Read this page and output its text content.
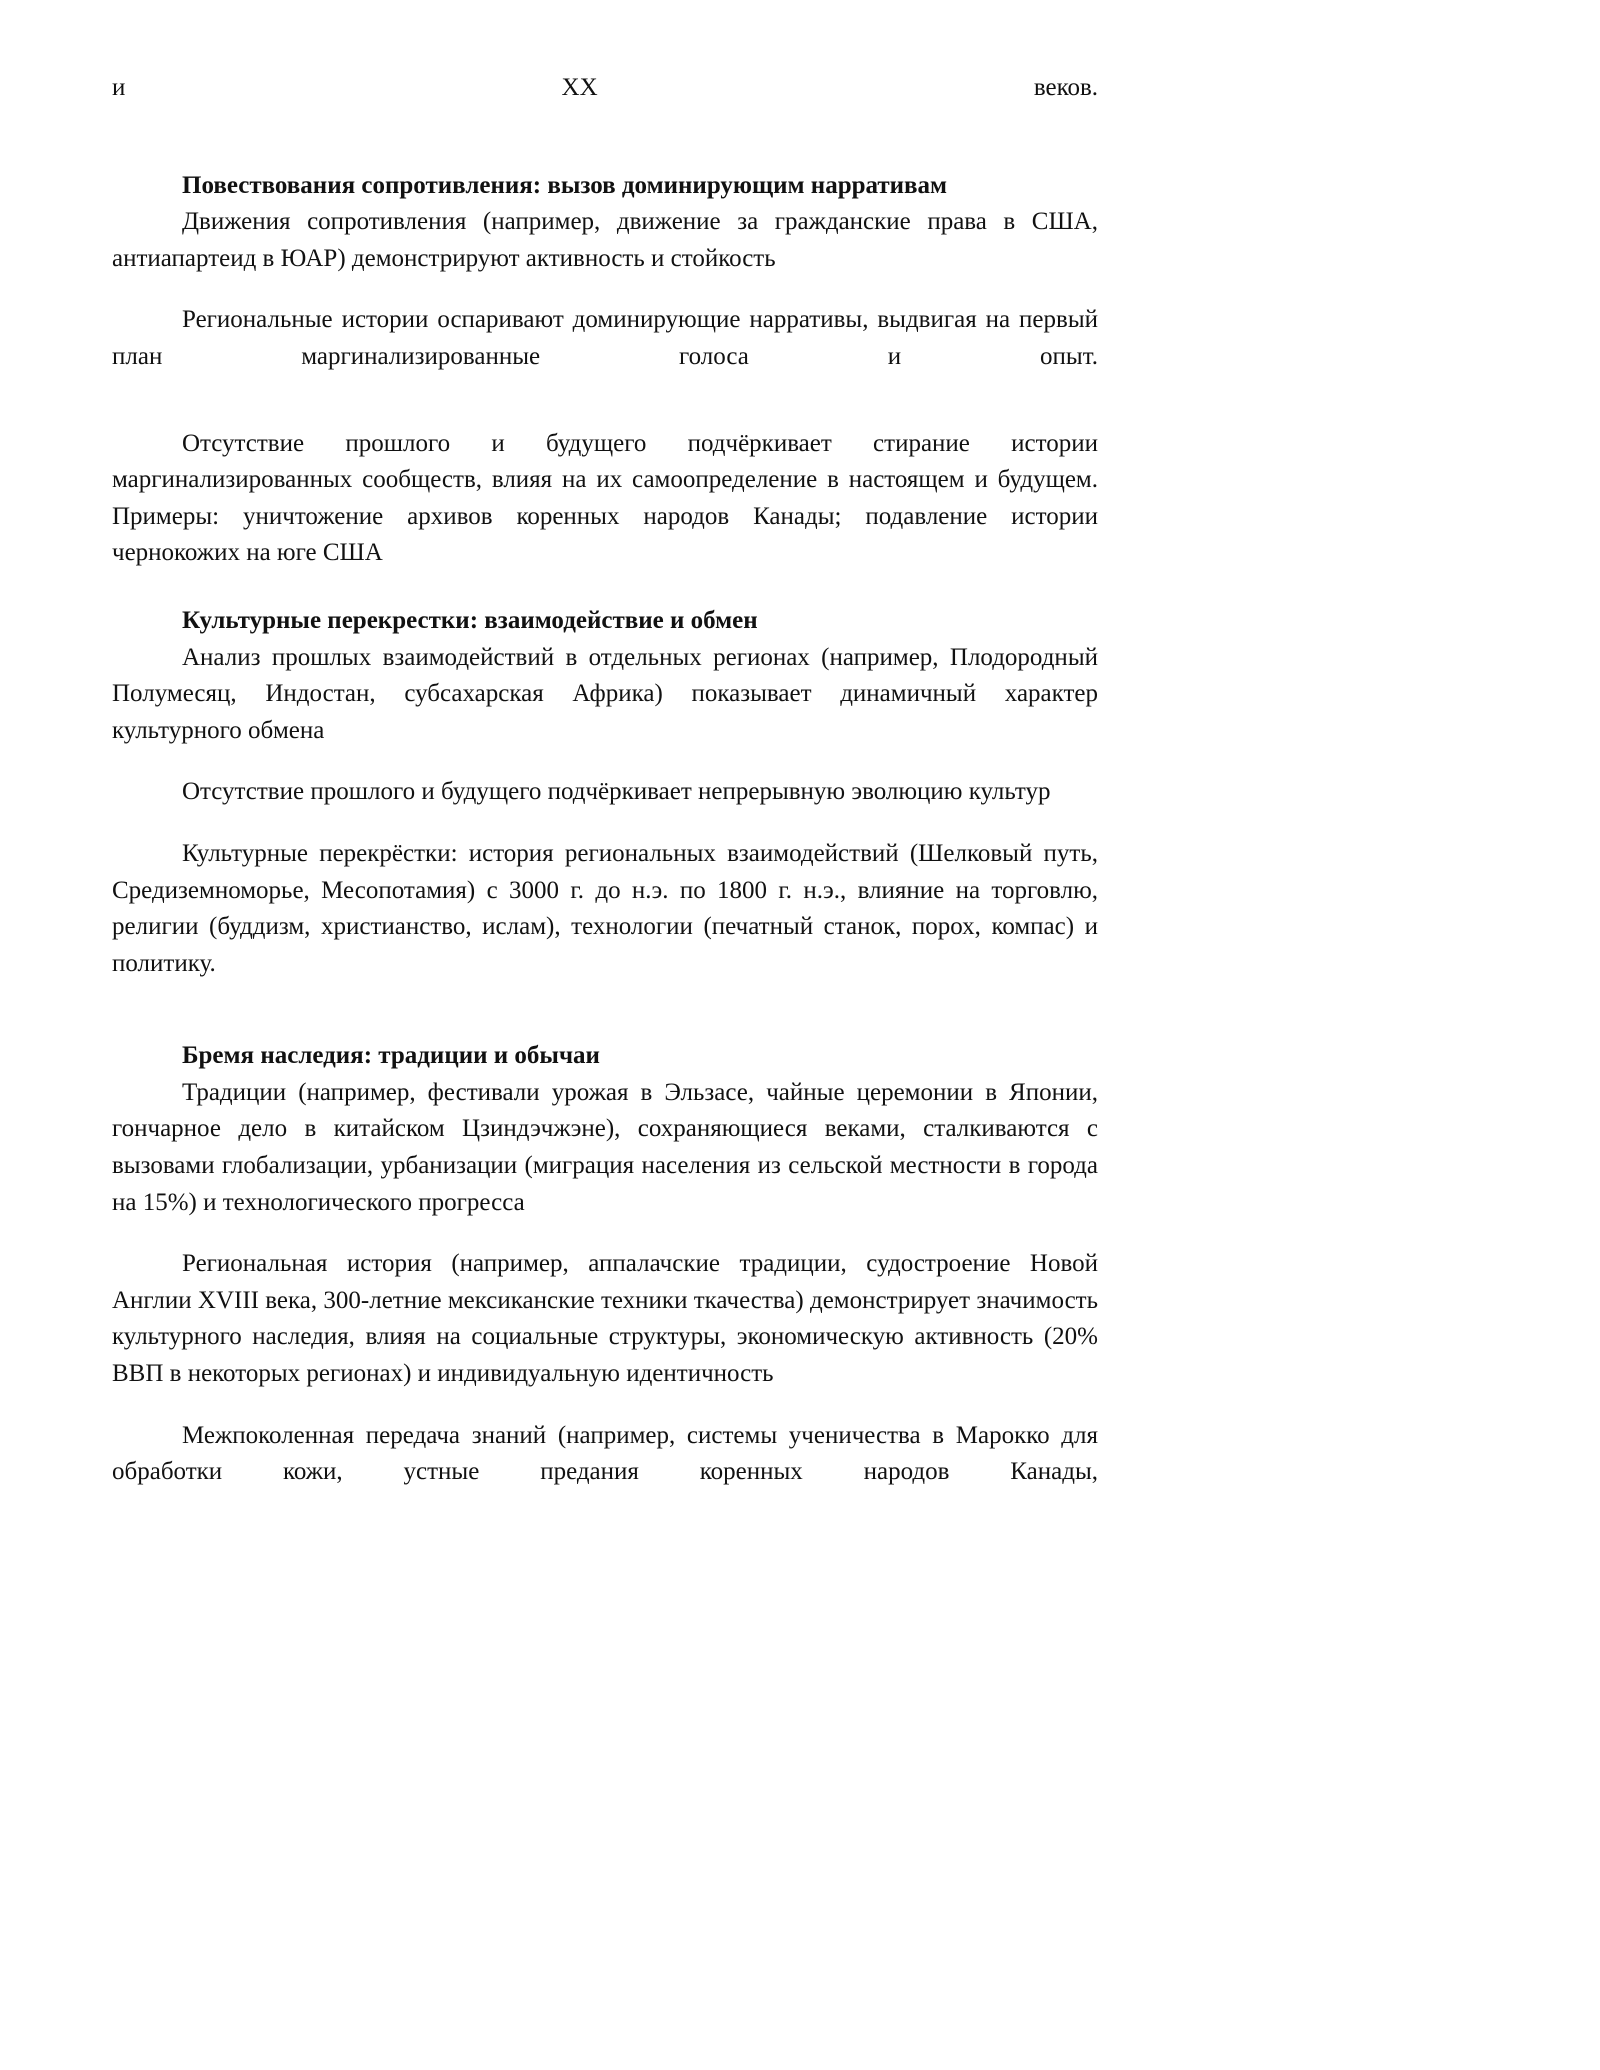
и	XX	веков.
Повествования сопротивления: вызов доминирующим нарративам

Движения сопротивления (например, движение за гражданские права в США, антиапартеид в ЮАР) демонстрируют активность и стойкость

Региональные истории оспаривают доминирующие нарративы, выдвигая на первый план маргинализированные голоса и опыт.

Отсутствие прошлого и будущего подчёркивает стирание истории маргинализированных сообществ, влияя на их самоопределение в настоящем и будущем. Примеры: уничтожение архивов коренных народов Канады; подавление истории чернокожих на юге США

Культурные перекрестки: взаимодействие и обмен

Анализ прошлых взаимодействий в отдельных регионах (например, Плодородный Полумесяц, Индостан, субсахарская Африка) показывает динамичный характер культурного обмена

Отсутствие прошлого и будущего подчёркивает непрерывную эволюцию культур

Культурные перекрёстки: история региональных взаимодействий (Шелковый путь, Средиземноморье, Месопотамия) с 3000 г. до н.э. по 1800 г. н.э., влияние на торговлю, религии (буддизм, христианство, ислам), технологии (печатный станок, порох, компас) и политику.

Бремя наследия: традиции и обычаи

Традиции (например, фестивали урожая в Эльзасе, чайные церемонии в Японии, гончарное дело в китайском Цзиндэчжэне), сохраняющиеся веками, сталкиваются с вызовами глобализации, урбанизации (миграция населения из сельской местности в города на 15%) и технологического прогресса

Региональная история (например, аппалачские традиции, судостроение Новой Англии XVIII века, 300-летние мексиканские техники ткачества) демонстрирует значимость культурного наследия, влияя на социальные структуры, экономическую активность (20% ВВП в некоторых регионах) и индивидуальную идентичность

Межпоколенная передача знаний (например, системы ученичества в Марокко для обработки кожи, устные предания коренных народов Канады,
